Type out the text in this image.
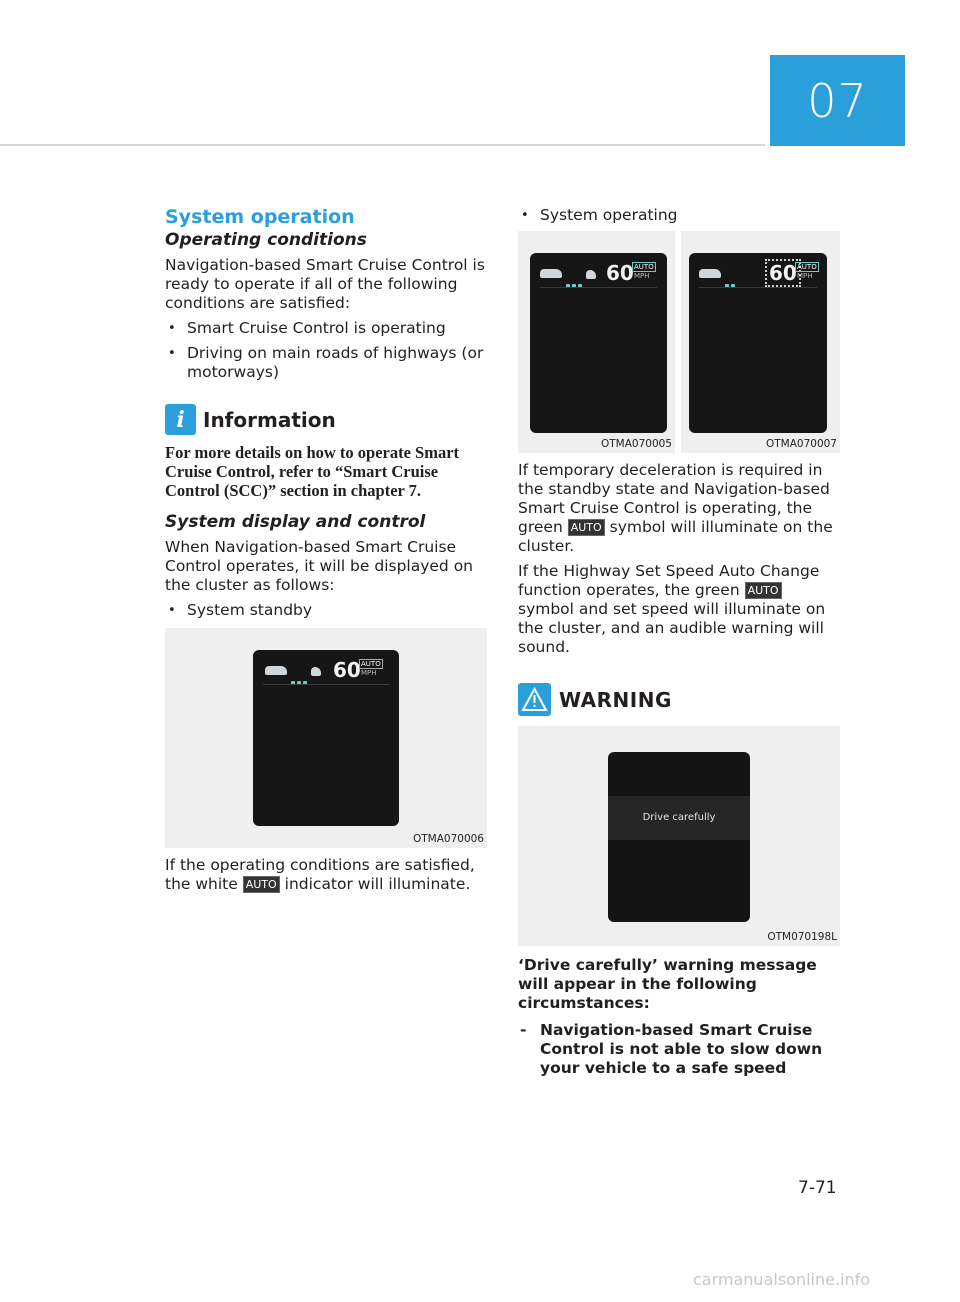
07
System operation
Operating conditions
Navigation-based Smart Cruise Control is ready to operate if all of the following conditions are satisfied:
• Smart Cruise Control is operating
• Driving on main roads of highways (or motorways)
i Information
For more details on how to operate Smart Cruise Control, refer to “Smart Cruise Control (SCC)” section in chapter 7.
System display and control
When Navigation-based Smart Cruise Control operates, it will be displayed on the cluster as follows:
• System standby
60 AUTO
MPH
OTMA070006
If the operating conditions are satisfied, the white AUTO indicator will illuminate.
• System operating
60 AUTO
MPH
OTMA070005
60 AUTO
MPH
OTMA070007
If temporary deceleration is required in the standby state and Navigation-based Smart Cruise Control is operating, the green AUTO symbol will illuminate on the cluster.
If the Highway Set Speed Auto Change function operates, the green AUTO symbol and set speed will illuminate on the cluster, and an audible warning will sound.
WARNING
Drive carefully
OTM070198L
‘Drive carefully’ warning message will appear in the following circumstances:
- Navigation-based Smart Cruise Control is not able to slow down your vehicle to a safe speed
7-71
carmanualsonline.info
